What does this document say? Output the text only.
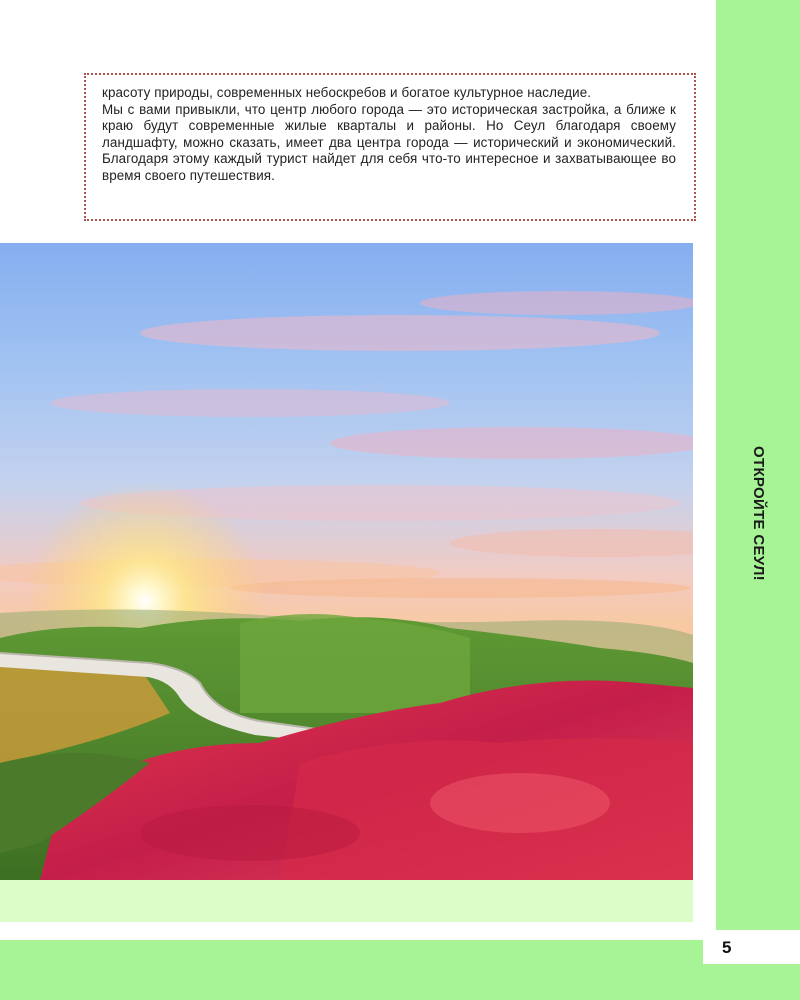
ОТКРОЙТЕ СЕУЛ!

красоту природы, современных небоскребов и богатое культурное наследие.

Мы с вами привыкли, что центр любого города — это историческая застройка, а ближе к краю будут современные жилые кварталы и районы. Но Сеул благодаря своему ландшафту, можно сказать, имеет два центра города — исторический и экономический. Благодаря этому каждый турист найдет для себя что-то интересное и захватывающее во время своего путешествия.

5
